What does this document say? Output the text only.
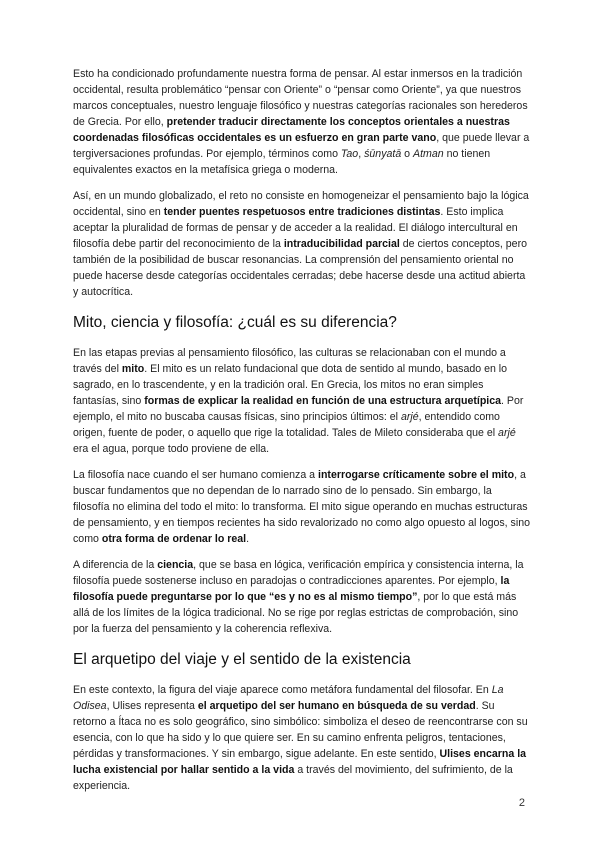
Esto ha condicionado profundamente nuestra forma de pensar. Al estar inmersos en la tradición occidental, resulta problemático “pensar con Oriente” o “pensar como Oriente”, ya que nuestros marcos conceptuales, nuestro lenguaje filosófico y nuestras categorías racionales son herederos de Grecia. Por ello, pretender traducir directamente los conceptos orientales a nuestras coordenadas filosóficas occidentales es un esfuerzo en gran parte vano, que puede llevar a tergiversaciones profundas. Por ejemplo, términos como Tao, śūnyatā o Atman no tienen equivalentes exactos en la metafísica griega o moderna.

Así, en un mundo globalizado, el reto no consiste en homogeneizar el pensamiento bajo la lógica occidental, sino en tender puentes respetuosos entre tradiciones distintas. Esto implica aceptar la pluralidad de formas de pensar y de acceder a la realidad. El diálogo intercultural en filosofía debe partir del reconocimiento de la intraducibilidad parcial de ciertos conceptos, pero también de la posibilidad de buscar resonancias. La comprensión del pensamiento oriental no puede hacerse desde categorías occidentales cerradas; debe hacerse desde una actitud abierta y autocrítica.

Mito, ciencia y filosofía: ¿cuál es su diferencia?

En las etapas previas al pensamiento filosófico, las culturas se relacionaban con el mundo a través del mito. El mito es un relato fundacional que dota de sentido al mundo, basado en lo sagrado, en lo trascendente, y en la tradición oral. En Grecia, los mitos no eran simples fantasías, sino formas de explicar la realidad en función de una estructura arquetípica. Por ejemplo, el mito no buscaba causas físicas, sino principios últimos: el arjé, entendido como origen, fuente de poder, o aquello que rige la totalidad. Tales de Mileto consideraba que el arjé era el agua, porque todo proviene de ella.

La filosofía nace cuando el ser humano comienza a interrogarse críticamente sobre el mito, a buscar fundamentos que no dependan de lo narrado sino de lo pensado. Sin embargo, la filosofía no elimina del todo el mito: lo transforma. El mito sigue operando en muchas estructuras de pensamiento, y en tiempos recientes ha sido revalorizado no como algo opuesto al logos, sino como otra forma de ordenar lo real.

A diferencia de la ciencia, que se basa en lógica, verificación empírica y consistencia interna, la filosofía puede sostenerse incluso en paradojas o contradicciones aparentes. Por ejemplo, la filosofía puede preguntarse por lo que “es y no es al mismo tiempo”, por lo que está más allá de los límites de la lógica tradicional. No se rige por reglas estrictas de comprobación, sino por la fuerza del pensamiento y la coherencia reflexiva.

El arquetipo del viaje y el sentido de la existencia

En este contexto, la figura del viaje aparece como metáfora fundamental del filosofar. En La Odisea, Ulises representa el arquetipo del ser humano en búsqueda de su verdad. Su retorno a Ítaca no es solo geográfico, sino simbólico: simboliza el deseo de reencontrarse con su esencia, con lo que ha sido y lo que quiere ser. En su camino enfrenta peligros, tentaciones, pérdidas y transformaciones. Y sin embargo, sigue adelante. En este sentido, Ulises encarna la lucha existencial por hallar sentido a la vida a través del movimiento, del sufrimiento, de la experiencia.

2
